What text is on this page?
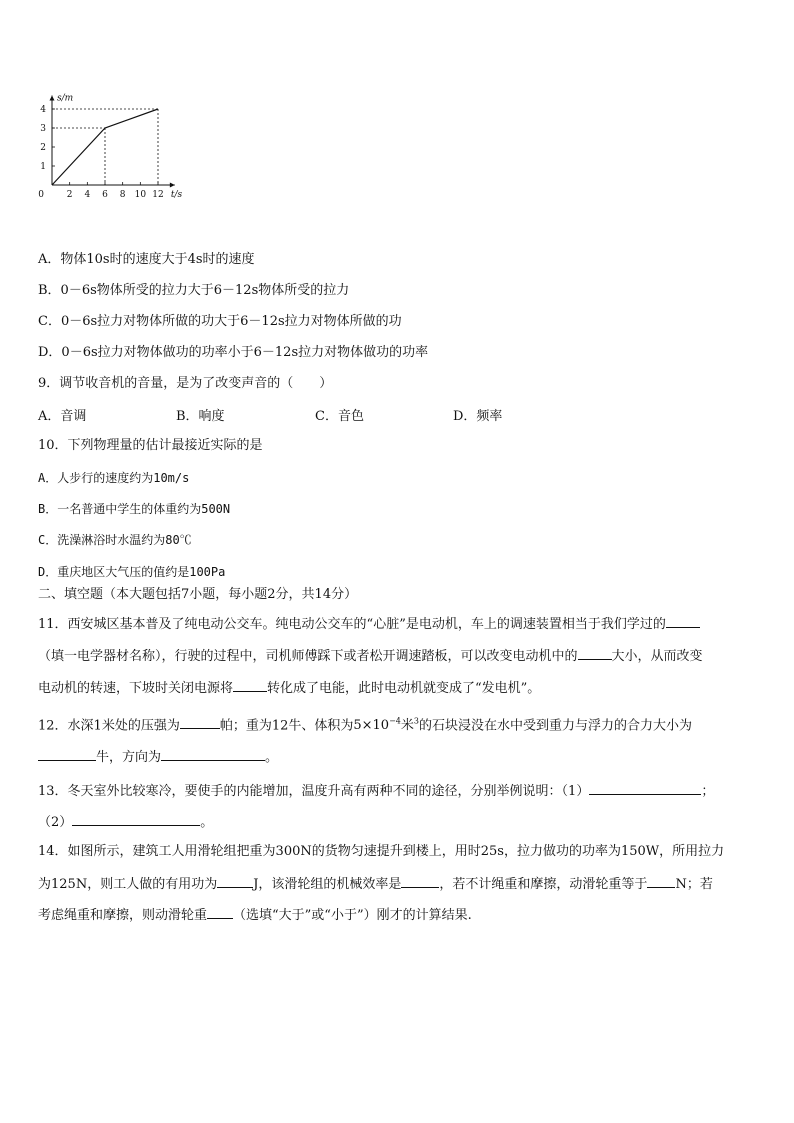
2 4 6 8 10 12
1
2
3
4
0	t/s
s/m
A．物体10s时的速度大于4s时的速度
B．0－6s物体所受的拉力大于6－12s物体所受的拉力
C．0－6s拉力对物体所做的功大于6－12s拉力对物体所做的功
D．0－6s拉力对物体做功的功率小于6－12s拉力对物体做功的功率
9．调节收音机的音量，是为了改变声音的（　　）
A．音调	B．响度	C．音色	D．频率
10．下列物理量的估计最接近实际的是
A．人步行的速度约为10m/s
B．一名普通中学生的体重约为500N
C．洗澡淋浴时水温约为80℃
D．重庆地区大气压的值约是100Pa
二、填空题（本大题包括7小题，每小题2分，共14分）
11．西安城区基本普及了纯电动公交车。纯电动公交车的“心脏”是电动机，车上的调速装置相当于我们学过的
（填一电学器材名称），行驶的过程中，司机师傅踩下或者松开调速踏板，可以改变电动机中的	大小，从而改变
电动机的转速，下坡时关闭电源将	转化成了电能，此时电动机就变成了“发电机”。
12．水深1米处的压强为	帕；重为12牛、体积为$5\times 10^{-4}$米$^3$的石块浸没在水中受到重力与浮力的合力大小为
牛，方向为	。
13．冬天室外比较寒冷，要使手的内能增加，温度升高有两种不同的途径，分别举例说明：（1）	；
（2）	。
14．如图所示，建筑工人用滑轮组把重为300N的货物匀速提升到楼上，用时25s，拉力做功的功率为150W，所用拉力
为125N，则工人做的有用功为	J，该滑轮组的机械效率是	，若不计绳重和摩擦，动滑轮重等于 N；若
考虑绳重和摩擦，则动滑轮重 （选填“大于”或“小于”）刚才的计算结果.
